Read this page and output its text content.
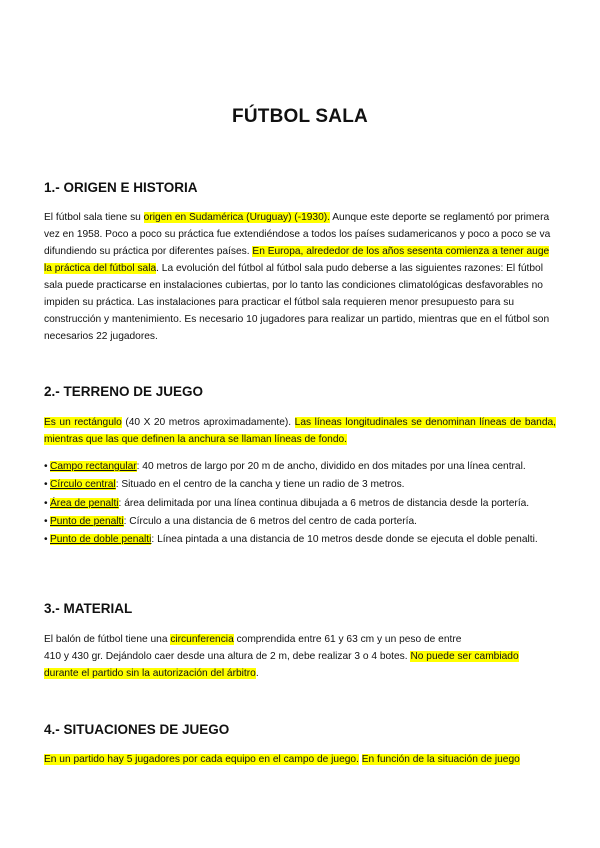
FÚTBOL SALA
1.- ORIGEN E HISTORIA
El fútbol sala tiene su origen en Sudamérica (Uruguay) (-1930). Aunque este deporte se reglamentó por primera vez en 1958. Poco a poco su práctica fue extendiéndose a todos los países sudamericanos y poco a poco se va difundiendo su práctica por diferentes países. En Europa, alrededor de los años sesenta comienza a tener auge la práctica del fútbol sala. La evolución del fútbol al fútbol sala pudo deberse a las siguientes razones: El fútbol sala puede practicarse en instalaciones cubiertas, por lo tanto las condiciones climatológicas desfavorables no impiden su práctica. Las instalaciones para practicar el fútbol sala requieren menor presupuesto para su construcción y mantenimiento. Es necesario 10 jugadores para realizar un partido, mientras que en el fútbol son necesarios 22 jugadores.
2.- TERRENO DE JUEGO
Es un rectángulo (40 X 20 metros aproximadamente). Las líneas longitudinales se denominan líneas de banda, mientras que las que definen la anchura se llaman líneas de fondo.
• Campo rectangular: 40 metros de largo por 20 m de ancho, dividido en dos mitades por una línea central.
• Círculo central: Situado en el centro de la cancha y tiene un radio de 3 metros.
• Área de penalti: área delimitada por una línea continua dibujada a 6 metros de distancia desde la portería.
• Punto de penalti: Círculo a una distancia de 6 metros del centro de cada portería.
• Punto de doble penalti: Línea pintada a una distancia de 10 metros desde donde se ejecuta el doble penalti.
3.- MATERIAL
El balón de fútbol tiene una circunferencia comprendida entre 61 y 63 cm y un peso de entre
410 y 430 gr. Dejándolo caer desde una altura de 2 m, debe realizar 3 o 4 botes. No puede ser cambiado
durante el partido sin la autorización del árbitro.
4.- SITUACIONES DE JUEGO
En un partido hay 5 jugadores por cada equipo en el campo de juego. En función de la situación de juego
